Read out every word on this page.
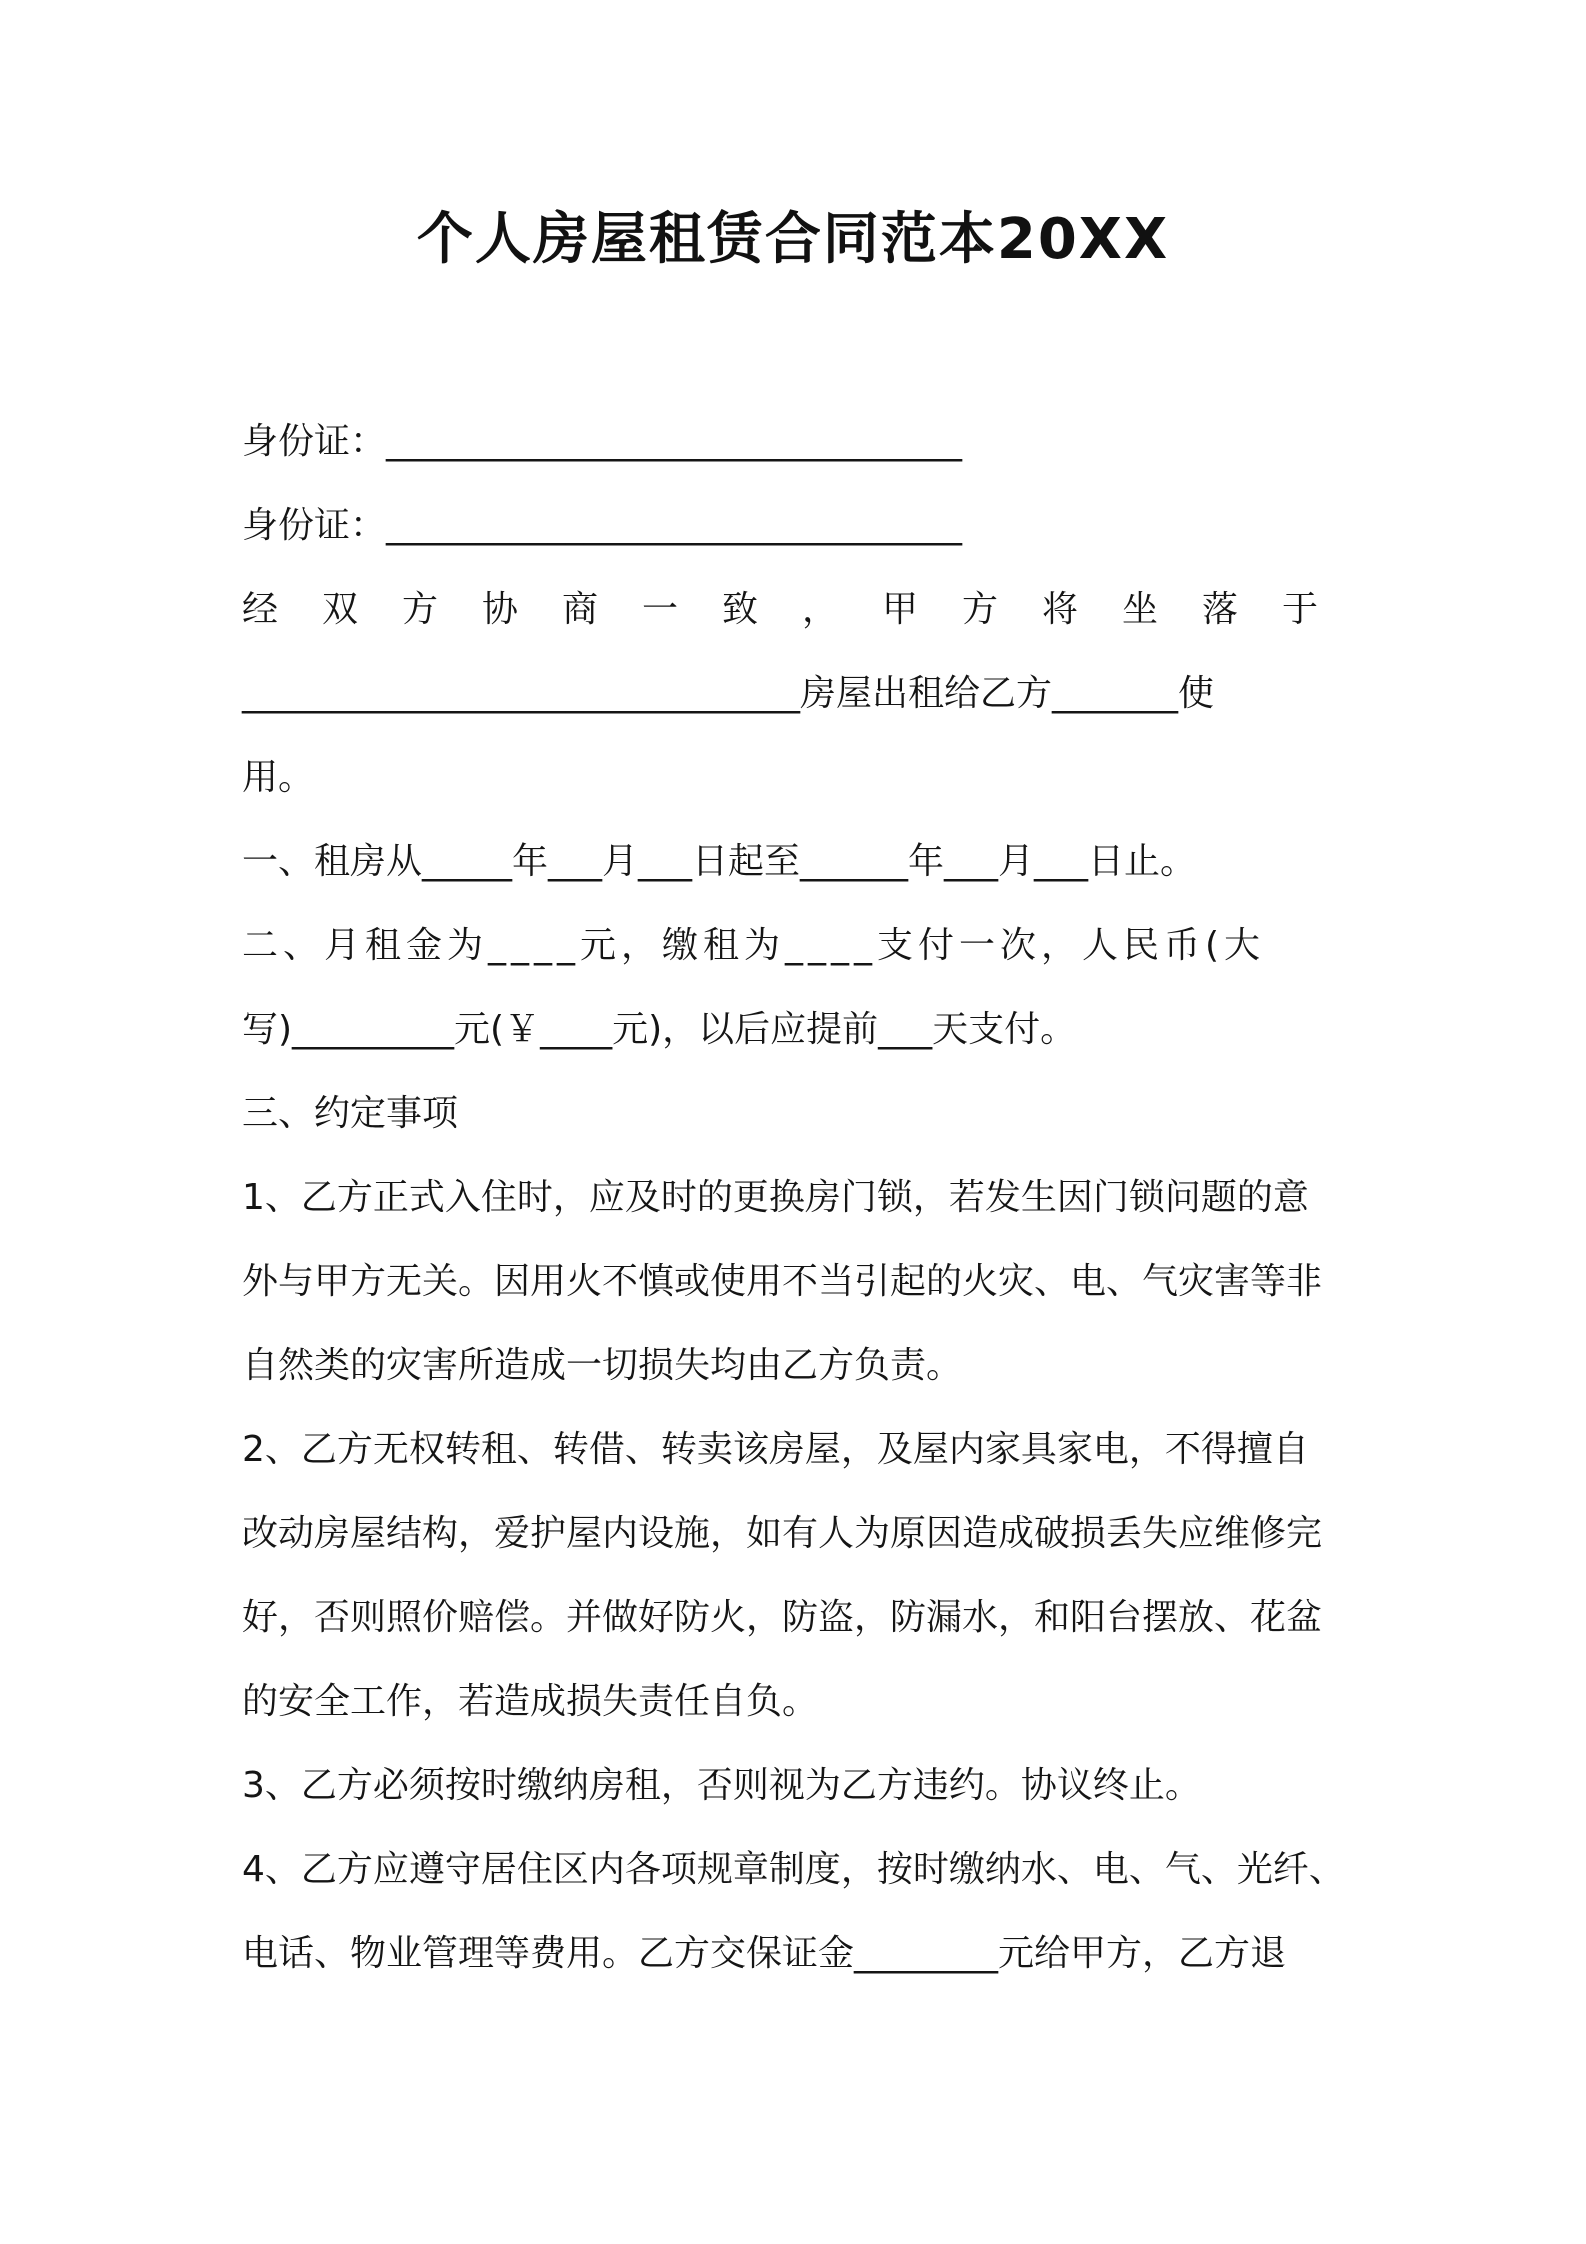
个人房屋租赁合同范本20XX
身份证：________________________________
身份证：________________________________
经双方协商一致，甲方将坐落于
_______________________________房屋出租给乙方_______使
用。
一、租房从_____年___月___日起至______年___月___日止。
二、月租金为____元，缴租为____支付一次，人民币(大
写)_________元(￥____元)，以后应提前___天支付。
三、约定事项
1、乙方正式入住时，应及时的更换房门锁，若发生因门锁问题的意
外与甲方无关。因用火不慎或使用不当引起的火灾、电、气灾害等非
自然类的灾害所造成一切损失均由乙方负责。
2、乙方无权转租、转借、转卖该房屋，及屋内家具家电，不得擅自
改动房屋结构，爱护屋内设施，如有人为原因造成破损丢失应维修完
好，否则照价赔偿。并做好防火，防盗，防漏水，和阳台摆放、花盆
的安全工作，若造成损失责任自负。
3、乙方必须按时缴纳房租，否则视为乙方违约。协议终止。
4、乙方应遵守居住区内各项规章制度，按时缴纳水、电、气、光纤、
电话、物业管理等费用。乙方交保证金________元给甲方，乙方退
